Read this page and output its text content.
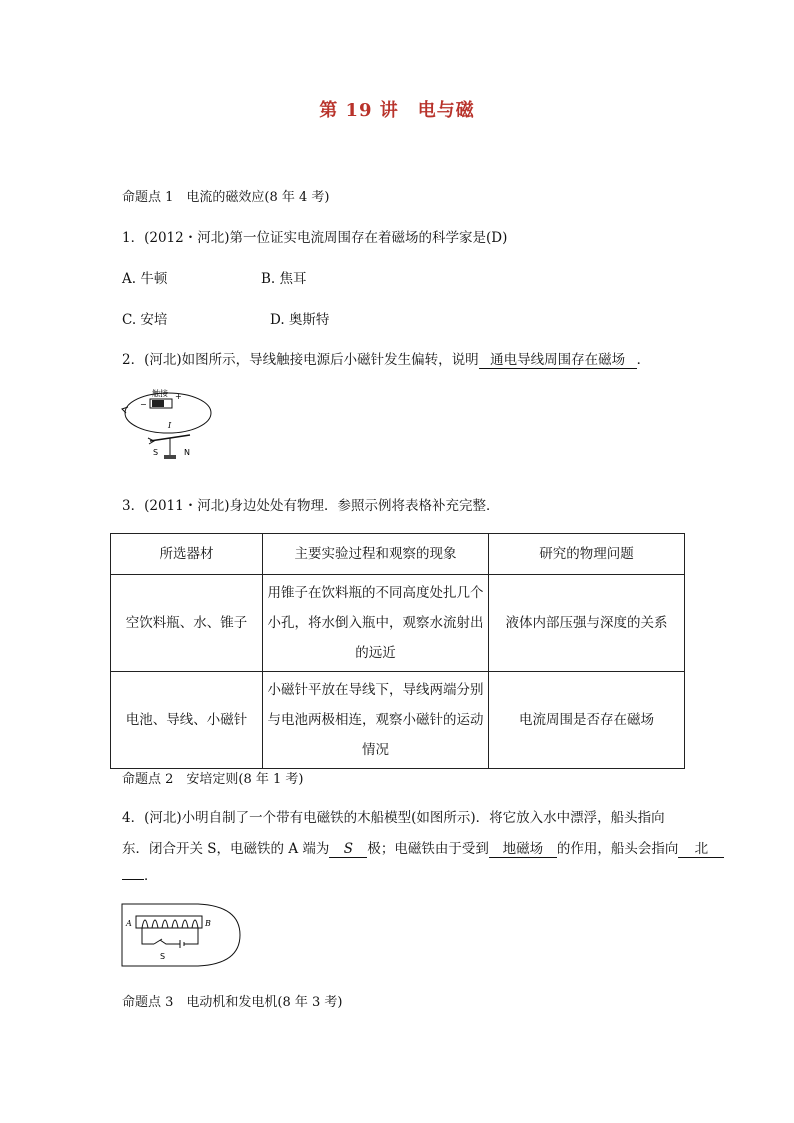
第 19 讲　电与磁
命题点 1　电流的磁效应(8 年 4 考)
1．(2012・河北)第一位证实电流周围存在着磁场的科学家是(D)
A. 牛顿	B. 焦耳
C. 安培	D. 奥斯特
2．(河北)如图所示，导线触接电源后小磁针发生偏转，说明 通电导线周围存在磁场 ．
触接 +
−
I
S	N
3．(2011・河北)身边处处有物理．参照示例将表格补充完整．
所选器材	主要实验过程和观察的现象	研究的物理问题
空饮料瓶、水、锥子	用锥子在饮料瓶的不同高度处扎几个小孔，将水倒入瓶中，观察水流射出的远近	液体内部压强与深度的关系
电池、导线、小磁针	小磁针平放在导线下，导线两端分别与电池两极相连，观察小磁针的运动情况	电流周围是否存在磁场
命题点 2　安培定则(8 年 1 考)
4．(河北)小明自制了一个带有电磁铁的木船模型(如图所示)．将它放入水中漂浮，船头指向
东．闭合开关 S，电磁铁的 A 端为 S 极；电磁铁由于受到 地磁场 的作用，船头会指向 北
．
A	B
S
命题点 3　电动机和发电机(8 年 3 考)
